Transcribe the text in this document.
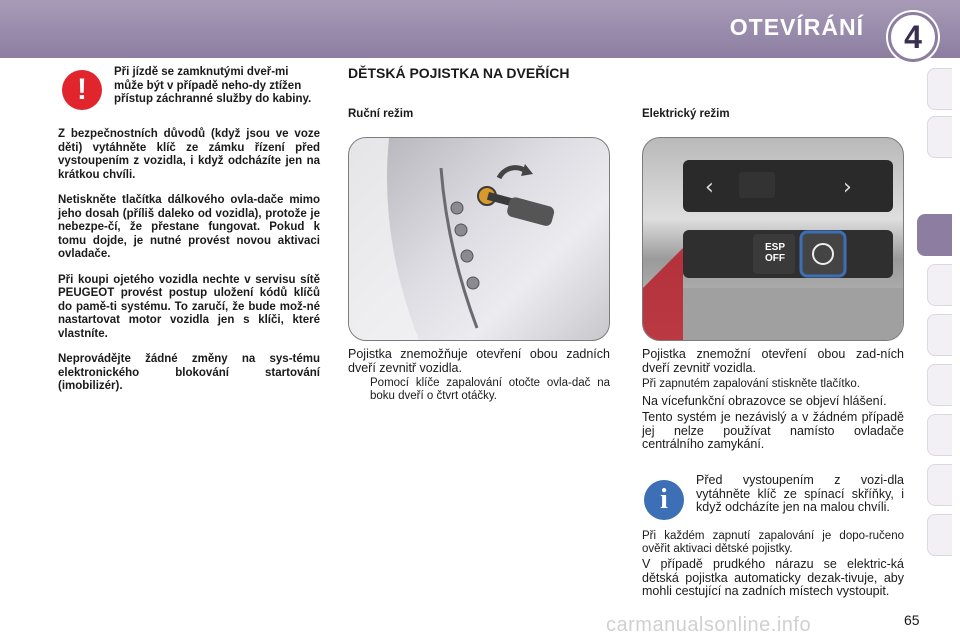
OTEVÍRÁNÍ	4
!
Při jízdě se zamknutými dveř-mi může být v případě neho-dy ztížen přístup záchranné služby do kabiny.

Z bezpečnostních důvodů (když jsou ve voze děti) vytáhněte klíč ze zámku řízení před vystoupením z vozidla, i když odcházíte jen na krátkou chvíli.

Netiskněte tlačítka dálkového ovla-dače mimo jeho dosah (příliš daleko od vozidla), protože je nebezpe-čí, že přestane fungovat. Pokud k tomu dojde, je nutné provést novou aktivaci ovladače.

Při koupi ojetého vozidla nechte v servisu sítě PEUGEOT provést postup uložení kódů klíčů do pamě-ti systému. To zaručí, že bude mož-né nastartovat motor vozidla jen s klíči, které vlastníte.

Neprovádějte žádné změny na sys-tému elektronického blokování startování (imobilizér).

DĚTSKÁ POJISTKA NA DVEŘÍCH
Ruční režim	Elektrický režim
‹	›
ESP
OFF

Pojistka znemožňuje otevření obou zadních dveří zevnitř vozidla.

Pomocí klíče zapalování otočte ovla-dač na boku dveří o čtvrt otáčky.

Pojistka znemožní otevření obou zad-ních dveří zevnitř vozidla.

Při zapnutém zapalování stiskněte tlačítko.

Na vícefunkční obrazovce se objeví hlášení.

Tento systém je nezávislý a v žádném případě jej nelze používat namísto ovladače centrálního zamykání.

i
Před vystoupením z vozi-dla vytáhněte klíč ze spínací skříňky, i když odcházíte jen na malou chvíli.
Při každém zapnutí zapalování je dopo-ručeno ověřit aktivaci dětské pojistky.
V případě prudkého nárazu se elektric-ká dětská pojistka automaticky dezak-tivuje, aby mohli cestující na zadních místech vystoupit.
carmanualsonline.info	65
